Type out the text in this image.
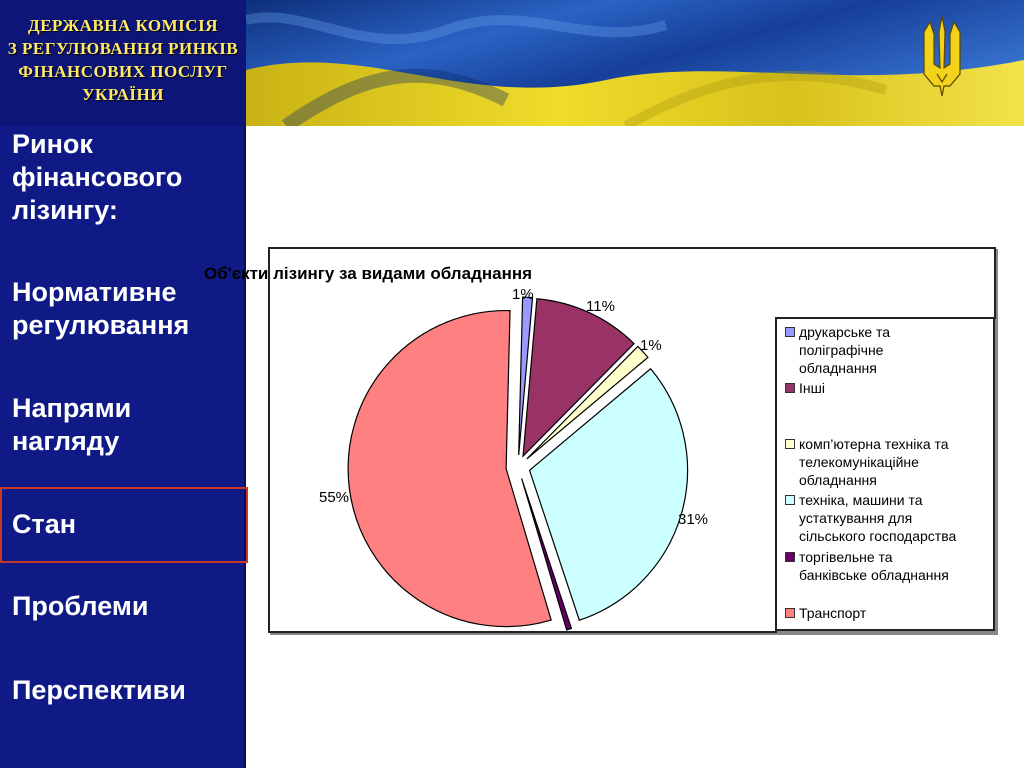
ДЕРЖАВНА КОМІСІЯ
З РЕГУЛЮВАННЯ РИНКІВ
ФІНАНСОВИХ ПОСЛУГ
УКРАЇНИ
Ринок
фінансового
лізингу:
Нормативне
регулювання
Напрями
нагляду
Стан
Проблеми
Перспективи
Об'єкти лізингу за видами обладнання
1%
11%
1%
31%
55%
друкарське та
поліграфічне
обладнання
Інші
комп’ютерна техніка та
телекомунікаційне
обладнання
техніка, машини та
устаткування для
сільського господарства
торгівельне та
банківське обладнання
Транспорт
